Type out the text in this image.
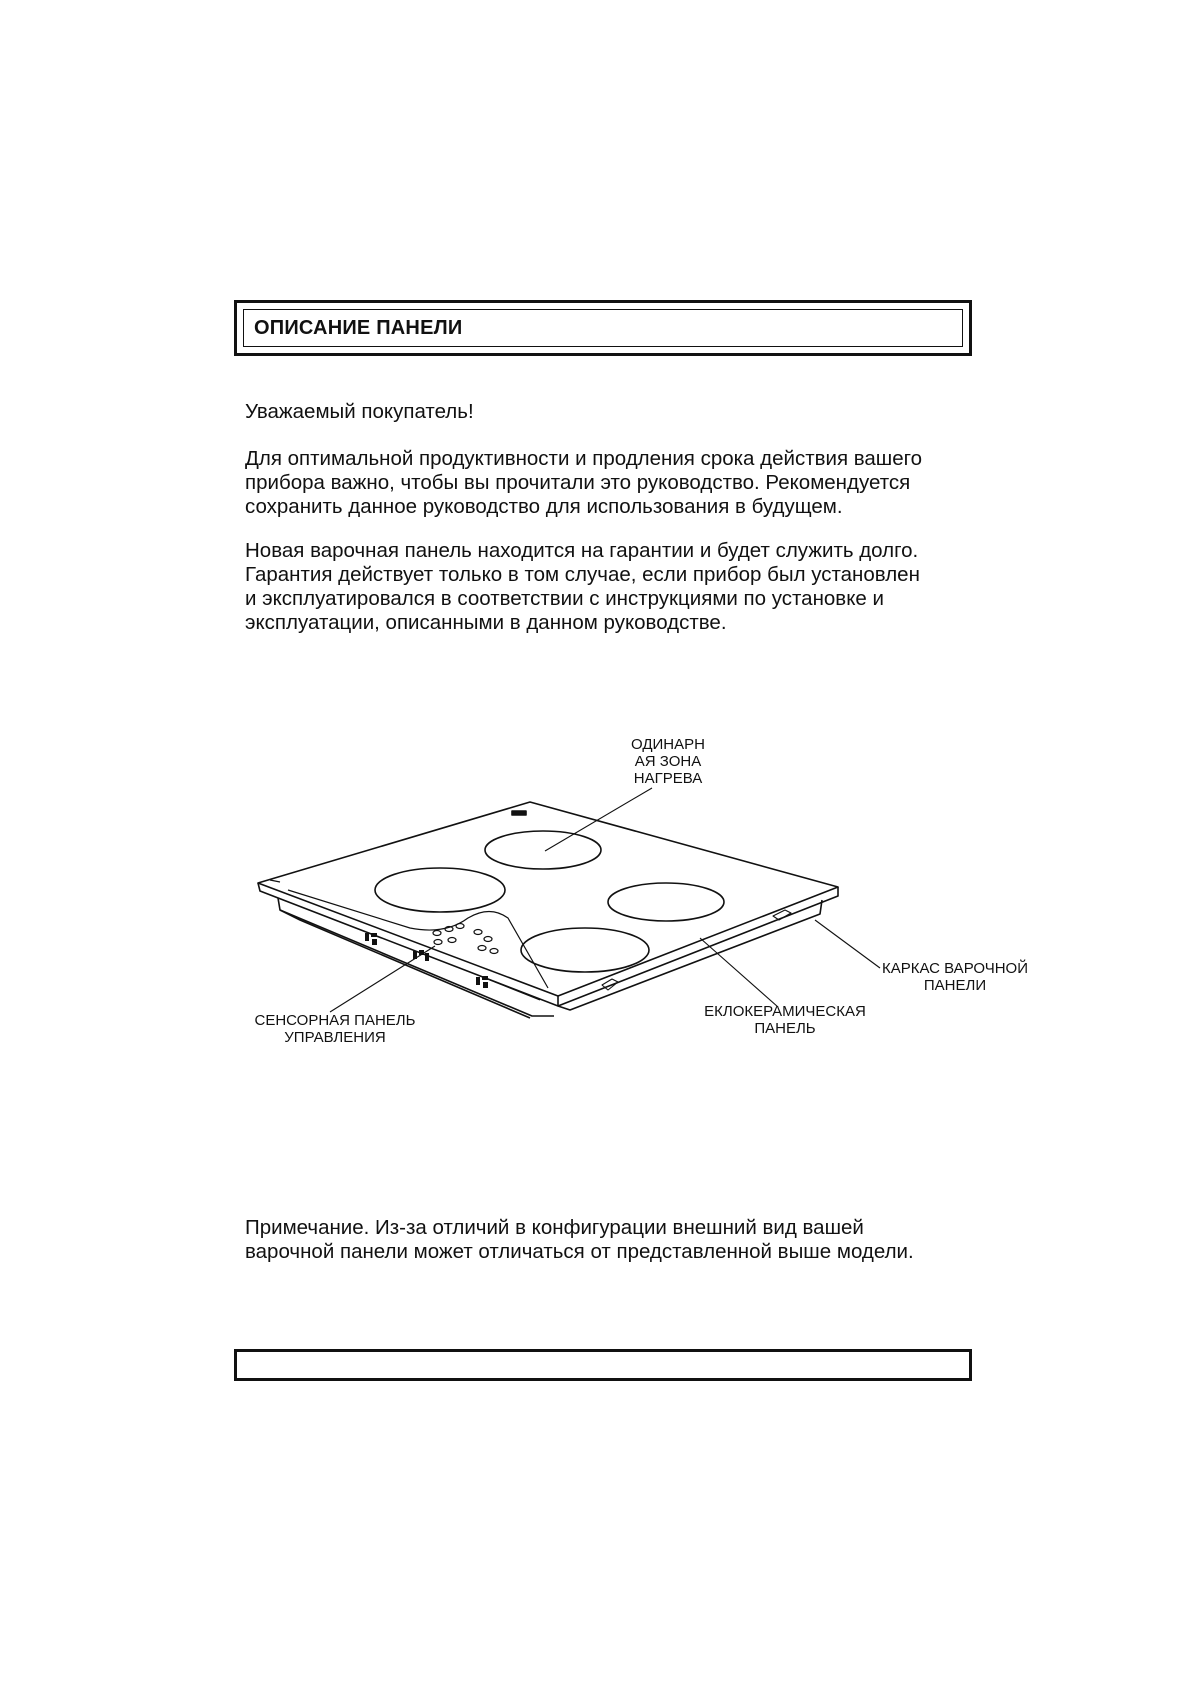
ОПИСАНИЕ ПАНЕЛИ

Уважаемый покупатель!

Для оптимальной продуктивности и продления срока действия вашего
прибора важно, чтобы вы прочитали это руководство. Рекомендуется
сохранить данное руководство для использования в будущем.

Новая варочная панель находится на гарантии и будет служить долго.
Гарантия действует только в том случае, если прибор был установлен
и эксплуатировался в соответствии с инструкциями по установке и
эксплуатации, описанными в данном руководстве.

ОДИНАРН
АЯ ЗОНА
НАГРЕВА
КАРКАС ВАРОЧНОЙ
ПАНЕЛИ
ЕКЛОКЕРАМИЧЕСКАЯ
ПАНЕЛЬ
СЕНСОРНАЯ ПАНЕЛЬ
УПРАВЛЕНИЯ

Примечание. Из-за отличий в конфигурации внешний вид вашей
варочной панели может отличаться от представленной выше модели.
